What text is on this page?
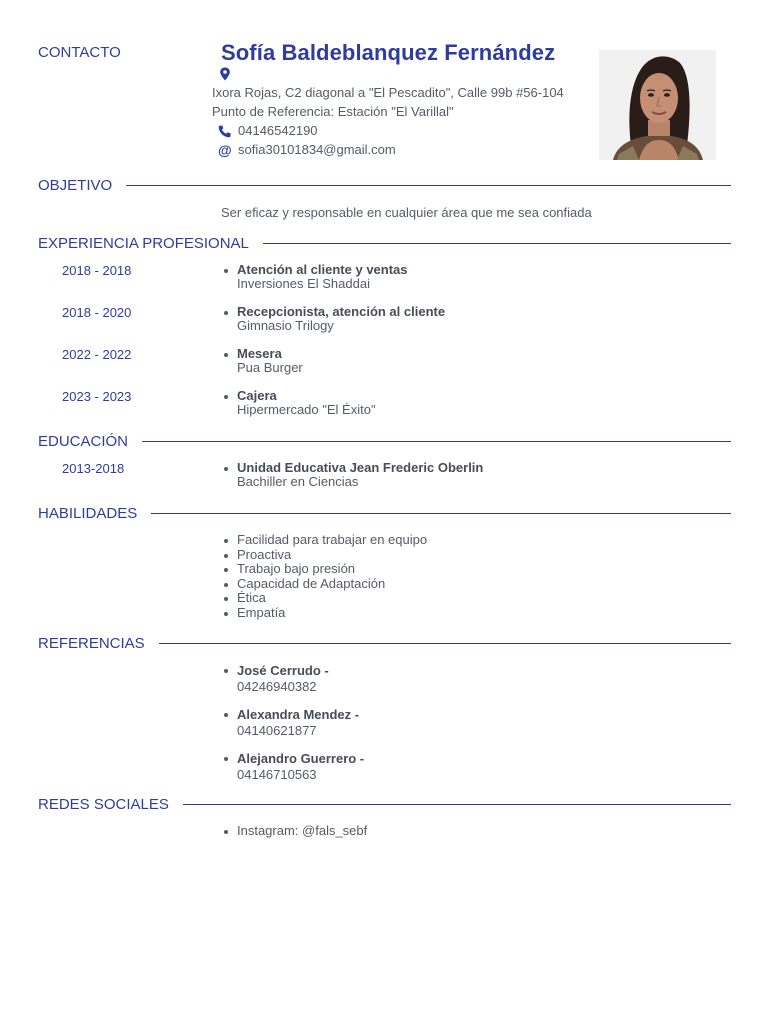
CONTACTO	Sofía Baldeblanquez Fernández
Ixora Rojas, C2 diagonal a "El Pescadito", Calle 99b #56-104
Punto de Referencia: Estación "El Varillal"
04146542190
@ sofia30101834@gmail.com
OBJETIVO
Ser eficaz y responsable en cualquier área que me sea confiada
EXPERIENCIA PROFESIONAL
2018 - 2018	Atención al cliente y ventas
Inversiones El Shaddai
2018 - 2020	Recepcionista, atención al cliente
Gimnasio Trilogy
2022 - 2022	Mesera
Pua Burger
2023 - 2023	Cajera
Hipermercado "El Éxito"
EDUCACIÓN
2013-2018	Unidad Educativa Jean Frederic Oberlin
Bachiller en Ciencias
HABILIDADES
Facilidad para trabajar en equipo
Proactiva
Trabajo bajo presión
Capacidad de Adaptación
Ética
Empatía
REFERENCIAS
José Cerrudo -
04246940382
Alexandra Mendez -
04140621877
Alejandro Guerrero -
04146710563
REDES SOCIALES
Instagram: @fals_sebf
